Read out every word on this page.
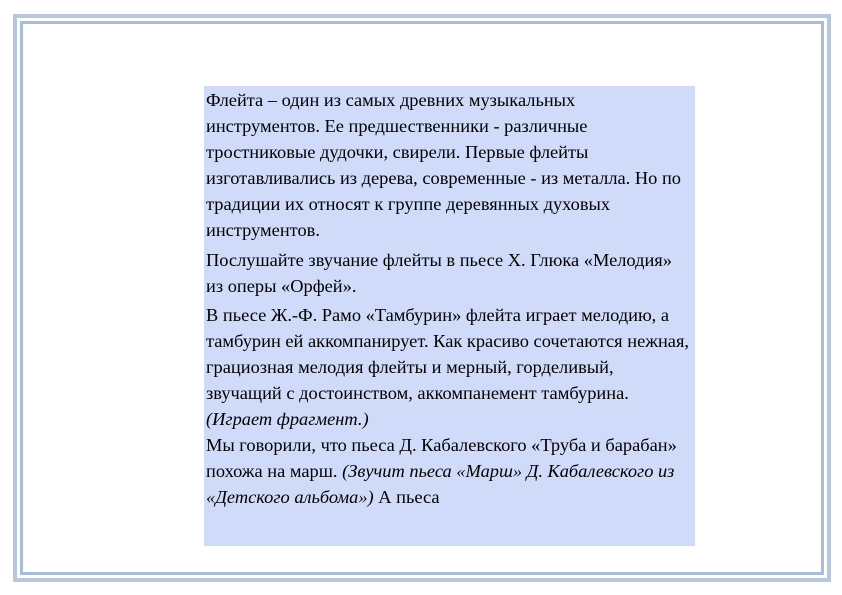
Флейта – один из самых древних музыкальных инструментов. Ее предшественники - различные тростниковые дудочки, свирели. Первые флейты изготавливались из дерева, современные - из металла. Но по традиции их относят к группе деревянных духовых инструментов.

Послушайте звучание флейты в пьесе Х. Глюка «Мелодия» из оперы «Орфей».

В пьесе Ж.-Ф. Рамо «Тамбурин» флейта играет мелодию, а тамбурин ей аккомпанирует. Как красиво сочетаются нежная, грациозная мелодия флейты и мерный, горделивый, звучащий с достоинством, аккомпанемент тамбурина. (Играет фрагмент.)

Мы говорили, что пьеса Д. Кабалевского «Труба и барабан» похожа на марш. (Звучит пьеса «Марш» Д. Кабалевского из «Детского альбома») А пьеса
